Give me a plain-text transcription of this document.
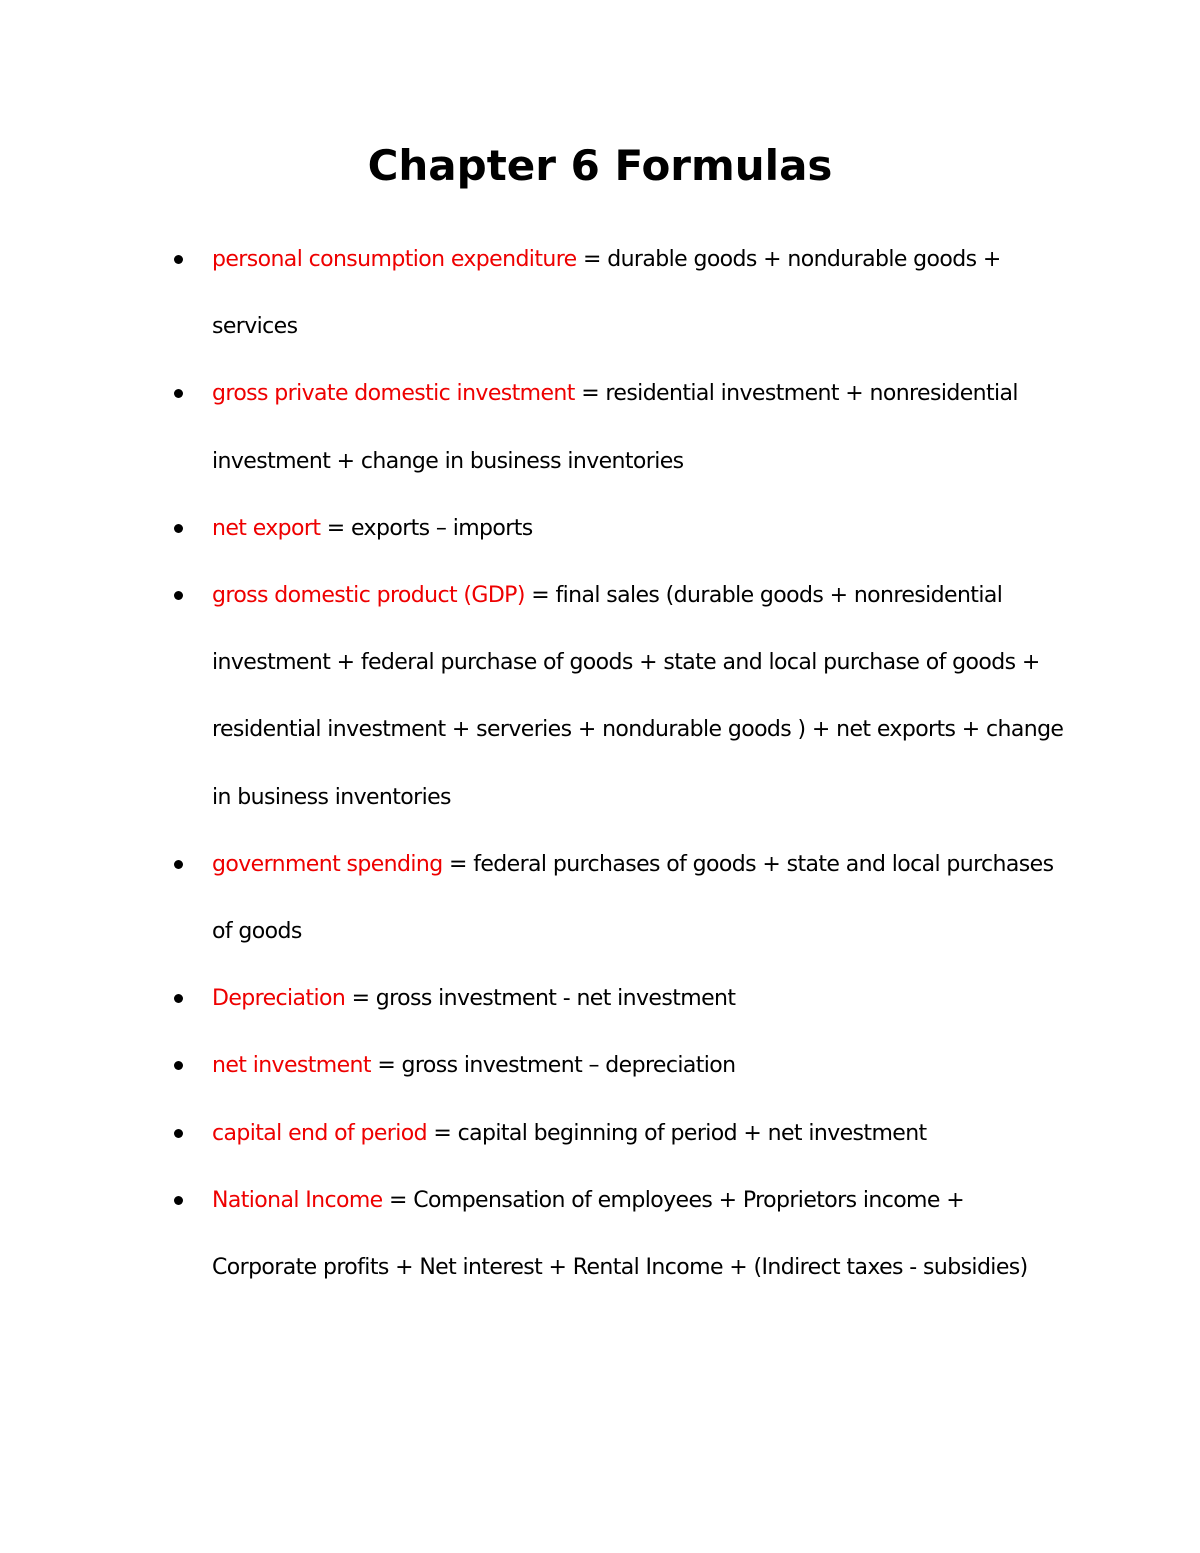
Chapter 6 Formulas
personal consumption expenditure = durable goods + nondurable goods + services
gross private domestic investment = residential investment + nonresidential investment + change in business inventories
net export = exports – imports
gross domestic product (GDP) = final sales (durable goods + nonresidential investment + federal purchase of goods + state and local purchase of goods + residential investment + serveries + nondurable goods ) + net exports + change in business inventories
government spending = federal purchases of goods + state and local purchases of goods
Depreciation = gross investment - net investment
net investment = gross investment – depreciation
capital end of period = capital beginning of period + net investment
National Income = Compensation of employees + Proprietors income + Corporate profits + Net interest + Rental Income + (Indirect taxes - subsidies)
